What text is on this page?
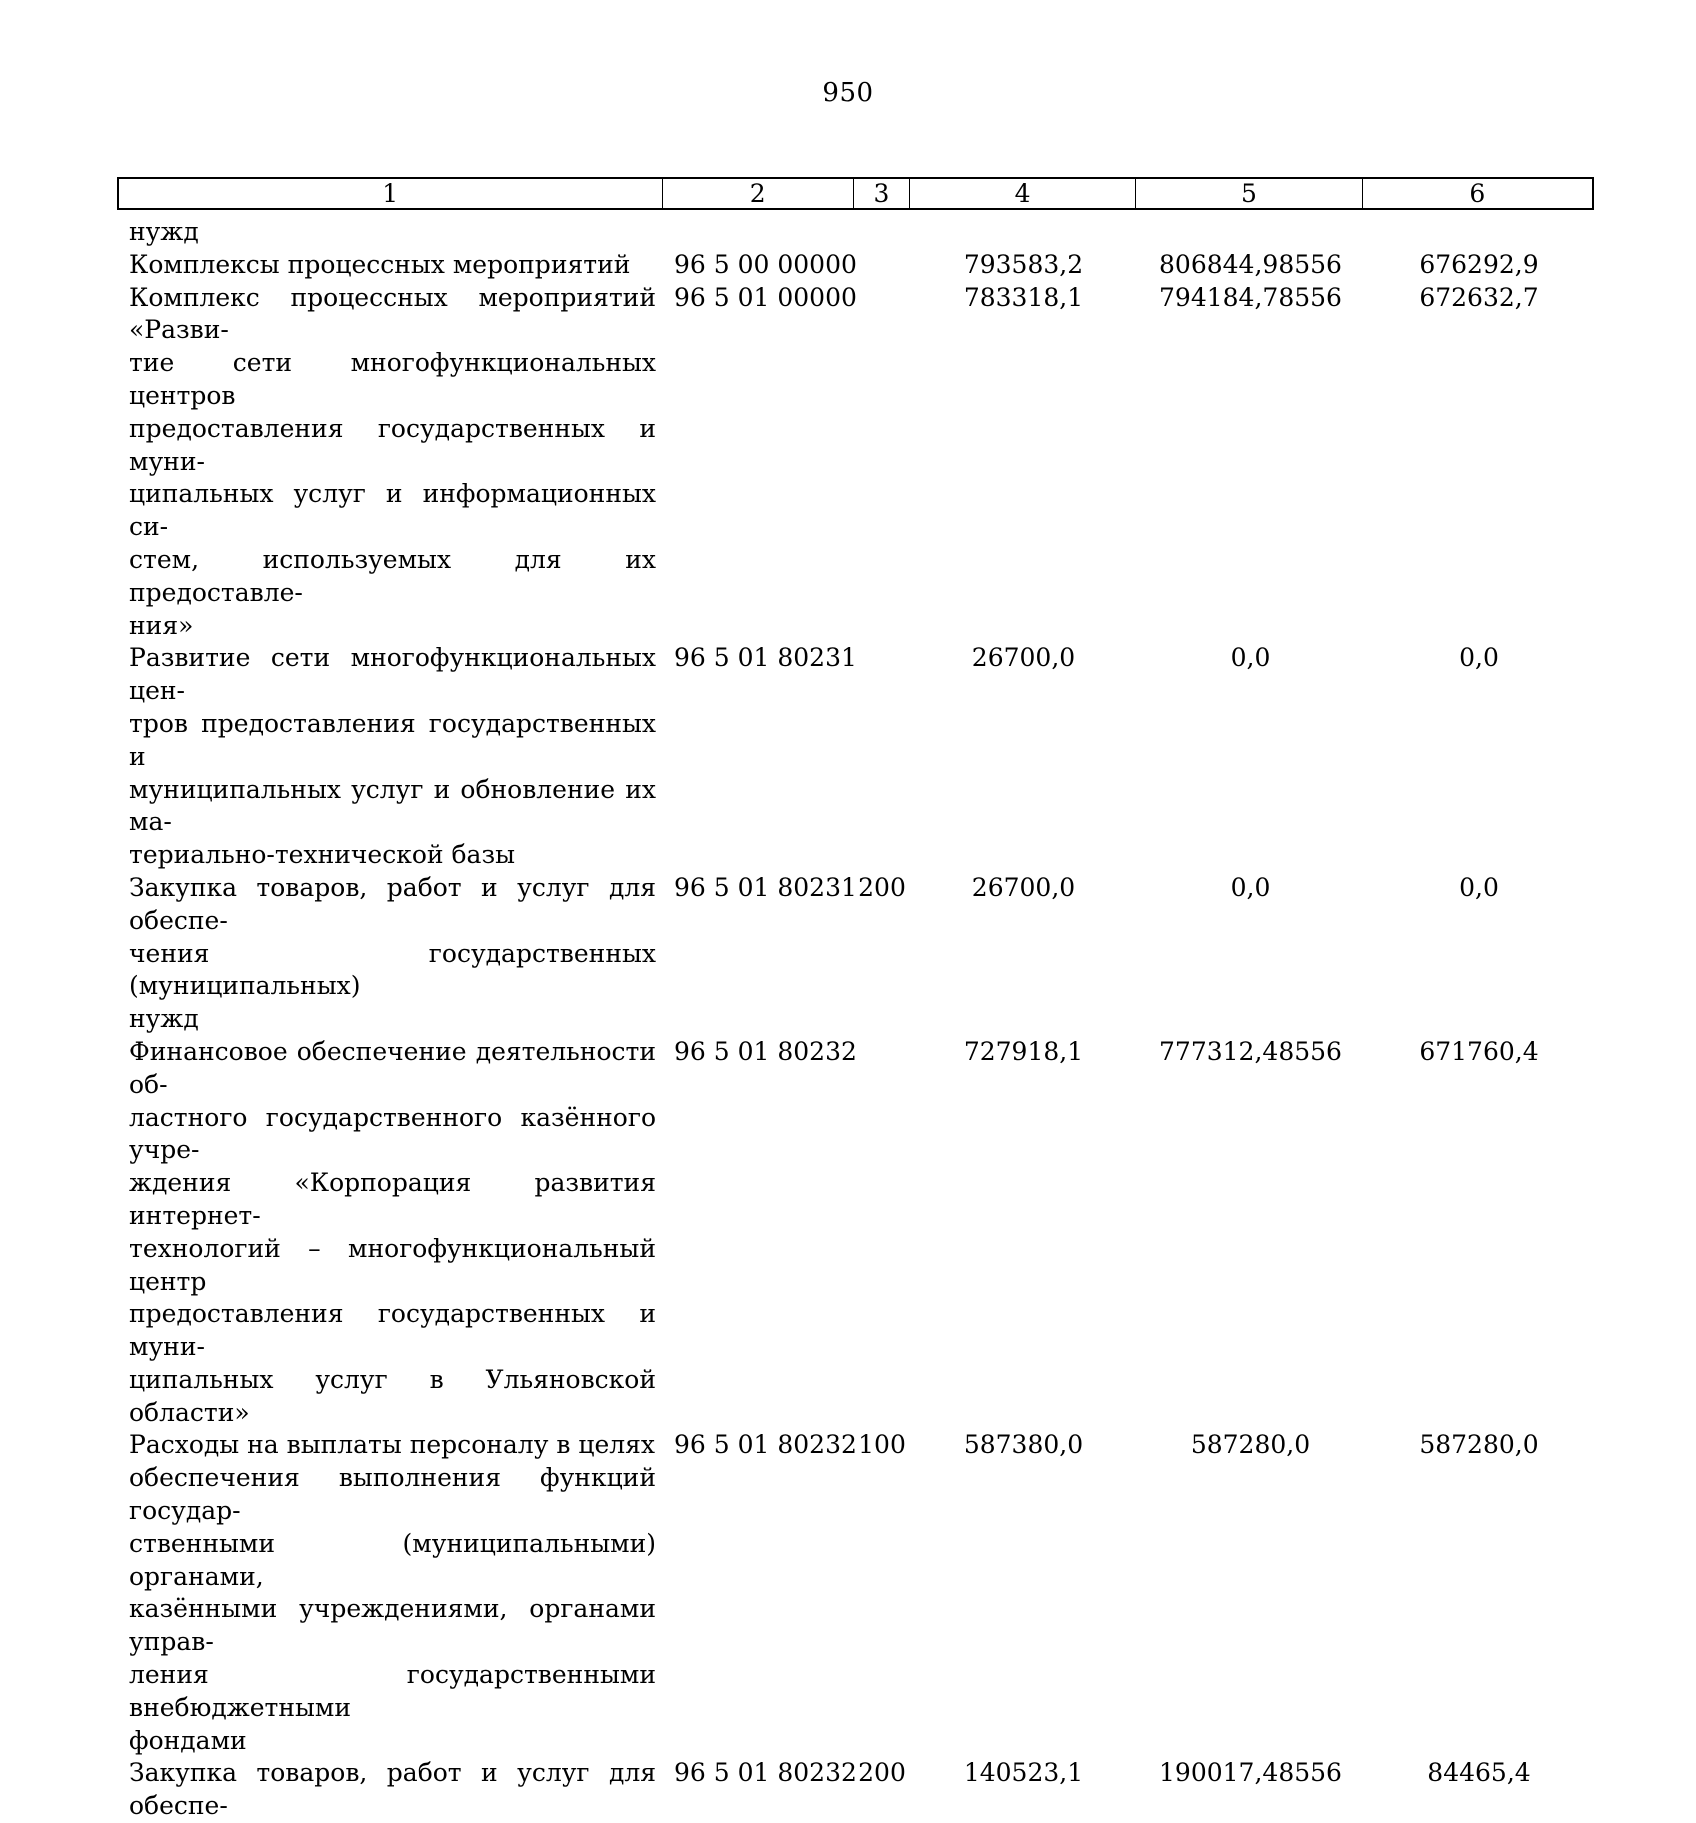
950
1	2	3	4	5	6
нужд
Комплексы процессных мероприятий	96 5 00 00000	793583,2	806844,98556	676292,9
Комплекс процессных мероприятий «Разви-
тие сети многофункциональных центров
предоставления государственных и муни-
ципальных услуг и информационных си-
стем, используемых для их предоставле-
ния»
96 5 01 00000	783318,1	794184,78556	672632,7
Развитие сети многофункциональных цен-
тров предоставления государственных и
муниципальных услуг и обновление их ма-
териально-технической базы
96 5 01 80231	26700,0	0,0	0,0
Закупка товаров, работ и услуг для обеспе-
чения государственных (муниципальных)
нужд
96 5 01 80231 200	26700,0	0,0	0,0
Финансовое обеспечение деятельности об-
ластного государственного казённого учре-
ждения «Корпорация развития интернет-
технологий – многофункциональный центр
предоставления государственных и муни-
ципальных услуг в Ульяновской области»
96 5 01 80232	727918,1	777312,48556	671760,4
Расходы на выплаты персоналу в целях
обеспечения выполнения функций государ-
ственными (муниципальными) органами,
казёнными учреждениями, органами управ-
ления государственными внебюджетными
фондами
96 5 01 80232 100	587380,0	587280,0	587280,0
Закупка товаров, работ и услуг для обеспе-
96 5 01 80232 200	140523,1	190017,48556	84465,4
